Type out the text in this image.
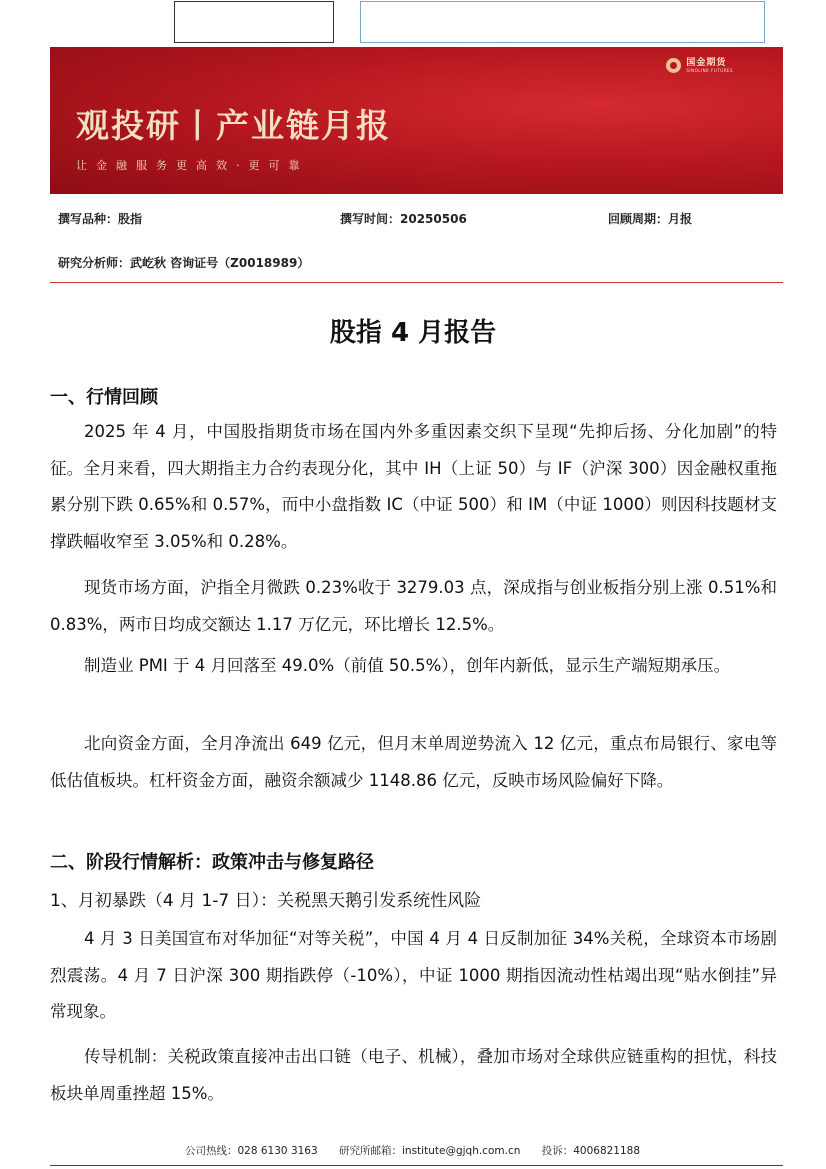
国金期货
SINOLINK FUTURES
观投研丨产业链月报
让金融服务更高效·更可靠
撰写品种：股指	撰写时间：20250506	回顾周期：月报
研究分析师：武屹秋 咨询证号（Z0018989）
股指 4 月报告
一、行情回顾
2025 年 4 月，中国股指期货市场在国内外多重因素交织下呈现“先抑后扬、分化加剧”的特征。全月来看，四大期指主力合约表现分化，其中 IH（上证 50）与 IF（沪深 300）因金融权重拖累分别下跌 0.65%和 0.57%，而中小盘指数 IC（中证 500）和 IM（中证 1000）则因科技题材支撑跌幅收窄至 3.05%和 0.28%。
现货市场方面，沪指全月微跌 0.23%收于 3279.03 点，深成指与创业板指分别上涨 0.51%和 0.83%，两市日均成交额达 1.17 万亿元，环比增长 12.5%。
制造业 PMI 于 4 月回落至 49.0%（前值 50.5%），创年内新低，显示生产端短期承压。
北向资金方面，全月净流出 649 亿元，但月末单周逆势流入 12 亿元，重点布局银行、家电等低估值板块。杠杆资金方面，融资余额减少 1148.86 亿元，反映市场风险偏好下降。
二、阶段行情解析：政策冲击与修复路径
1、月初暴跌（4 月 1-7 日）：关税黑天鹅引发系统性风险
4 月 3 日美国宣布对华加征“对等关税”，中国 4 月 4 日反制加征 34%关税，全球资本市场剧烈震荡。4 月 7 日沪深 300 期指跌停（-10%），中证 1000 期指因流动性枯竭出现“贴水倒挂”异常现象。
传导机制：关税政策直接冲击出口链（电子、机械），叠加市场对全球供应链重构的担忧，科技板块单周重挫超 15%。
公司热线：028 6130 3163 研究所邮箱：institute@gjqh.com.cn 投诉：4006821188
